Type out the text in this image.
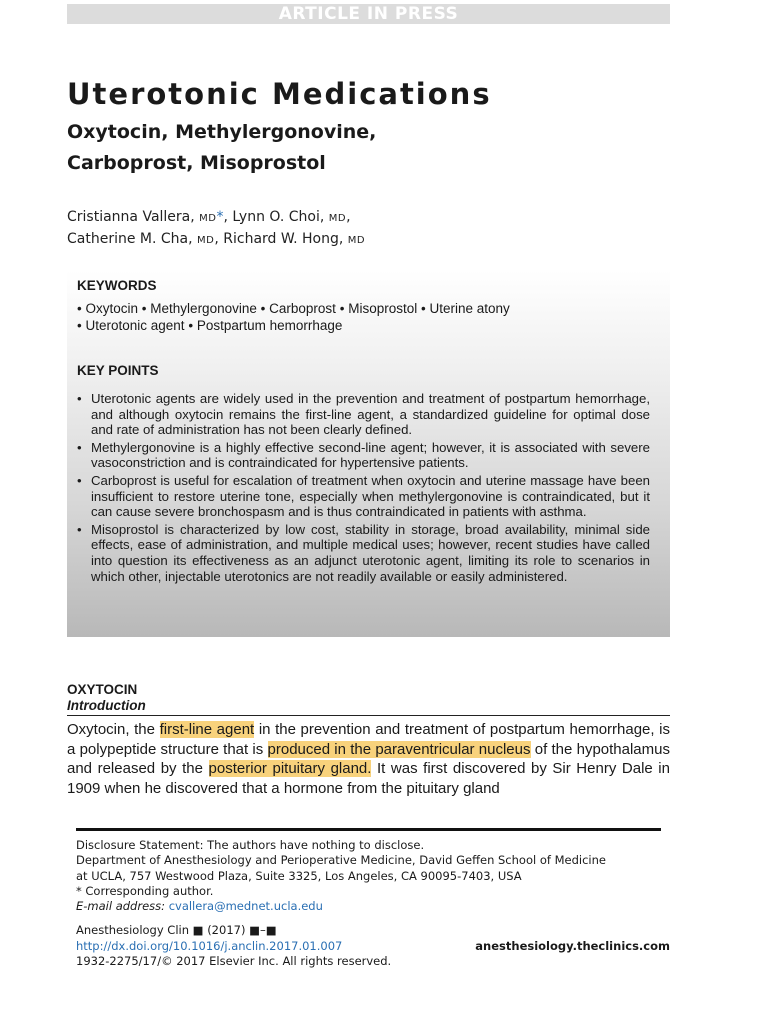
ARTICLE IN PRESS
Uterotonic Medications
Oxytocin, Methylergonovine,
Carboprost, Misoprostol
Cristianna Vallera, MD*, Lynn O. Choi, MD,
Catherine M. Cha, MD, Richard W. Hong, MD
KEYWORDS
• Oxytocin • Methylergonovine • Carboprost • Misoprostol • Uterine atony
• Uterotonic agent • Postpartum hemorrhage
KEY POINTS
• Uterotonic agents are widely used in the prevention and treatment of postpartum hemorrhage, and although oxytocin remains the first-line agent, a standardized guideline for optimal dose and rate of administration has not been clearly defined.
• Methylergonovine is a highly effective second-line agent; however, it is associated with severe vasoconstriction and is contraindicated for hypertensive patients.
• Carboprost is useful for escalation of treatment when oxytocin and uterine massage have been insufficient to restore uterine tone, especially when methylergonovine is contraindicated, but it can cause severe bronchospasm and is thus contraindicated in patients with asthma.
• Misoprostol is characterized by low cost, stability in storage, broad availability, minimal side effects, ease of administration, and multiple medical uses; however, recent studies have called into question its effectiveness as an adjunct uterotonic agent, limiting its role to scenarios in which other, injectable uterotonics are not readily available or easily administered.
OXYTOCIN
Introduction
Oxytocin, the first-line agent in the prevention and treatment of postpartum hemorrhage, is a polypeptide structure that is produced in the paraventricular nucleus of the hypothalamus and released by the posterior pituitary gland. It was first discovered by Sir Henry Dale in 1909 when he discovered that a hormone from the pituitary gland
Disclosure Statement: The authors have nothing to disclose.
Department of Anesthesiology and Perioperative Medicine, David Geffen School of Medicine
at UCLA, 757 Westwood Plaza, Suite 3325, Los Angeles, CA 90095-7403, USA
* Corresponding author.
E-mail address: cvallera@mednet.ucla.edu
Anesthesiology Clin ■ (2017) ■–■
http://dx.doi.org/10.1016/j.anclin.2017.01.007	anesthesiology.theclinics.com
1932-2275/17/© 2017 Elsevier Inc. All rights reserved.
